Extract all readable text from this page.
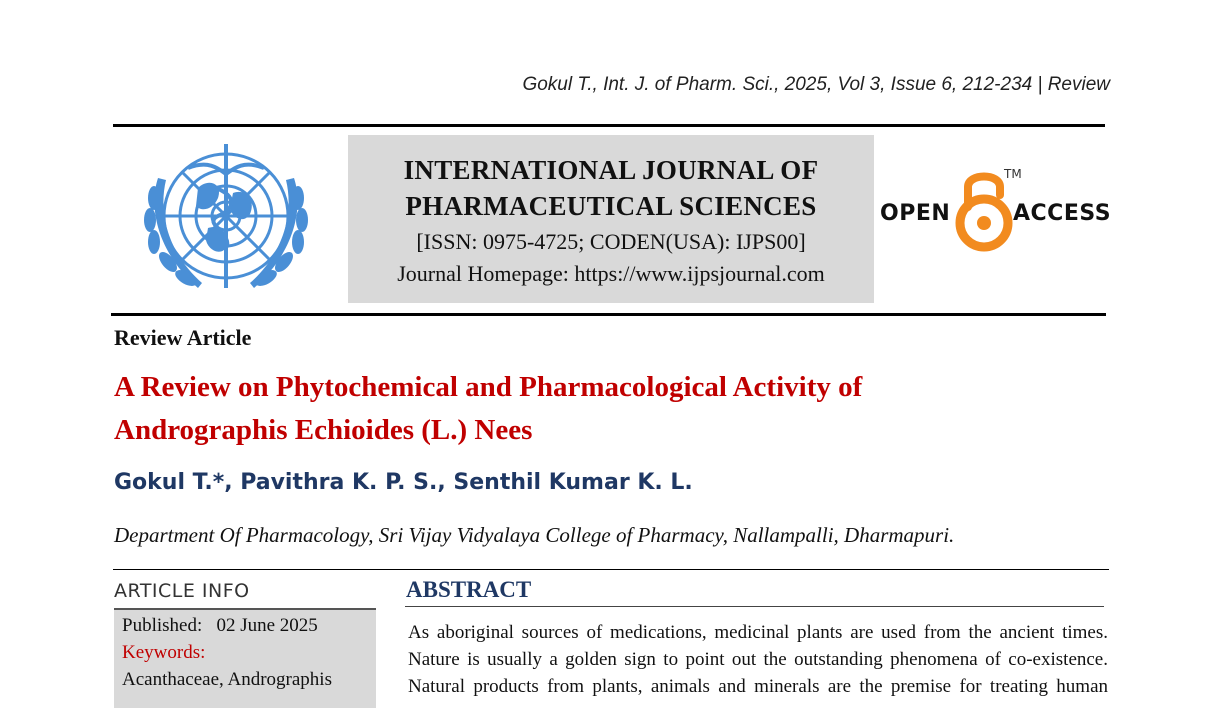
Gokul T., Int. J. of Pharm. Sci., 2025, Vol 3, Issue 6, 212-234 | Review
INTERNATIONAL JOURNAL OF
PHARMACEUTICAL SCIENCES
[ISSN: 0975-4725; CODEN(USA): IJPS00]
Journal Homepage: https://www.ijpsjournal.com
OPEN
TM
ACCESS
Review Article
A Review on Phytochemical and Pharmacological Activity of
Andrographis Echioides (L.) Nees
Gokul T.*, Pavithra K. P. S., Senthil Kumar K. L.
Department Of Pharmacology, Sri Vijay Vidyalaya College of Pharmacy, Nallampalli, Dharmapuri.
ARTICLE INFO
Published:   02 June 2025
Keywords:
Acanthaceae, Andrographis
ABSTRACT
As aboriginal sources of medications, medicinal plants are used from the ancient times.
Nature is usually a golden sign to point out the outstanding phenomena of co-existence.
Natural products from plants, animals and minerals are the premise for treating human
